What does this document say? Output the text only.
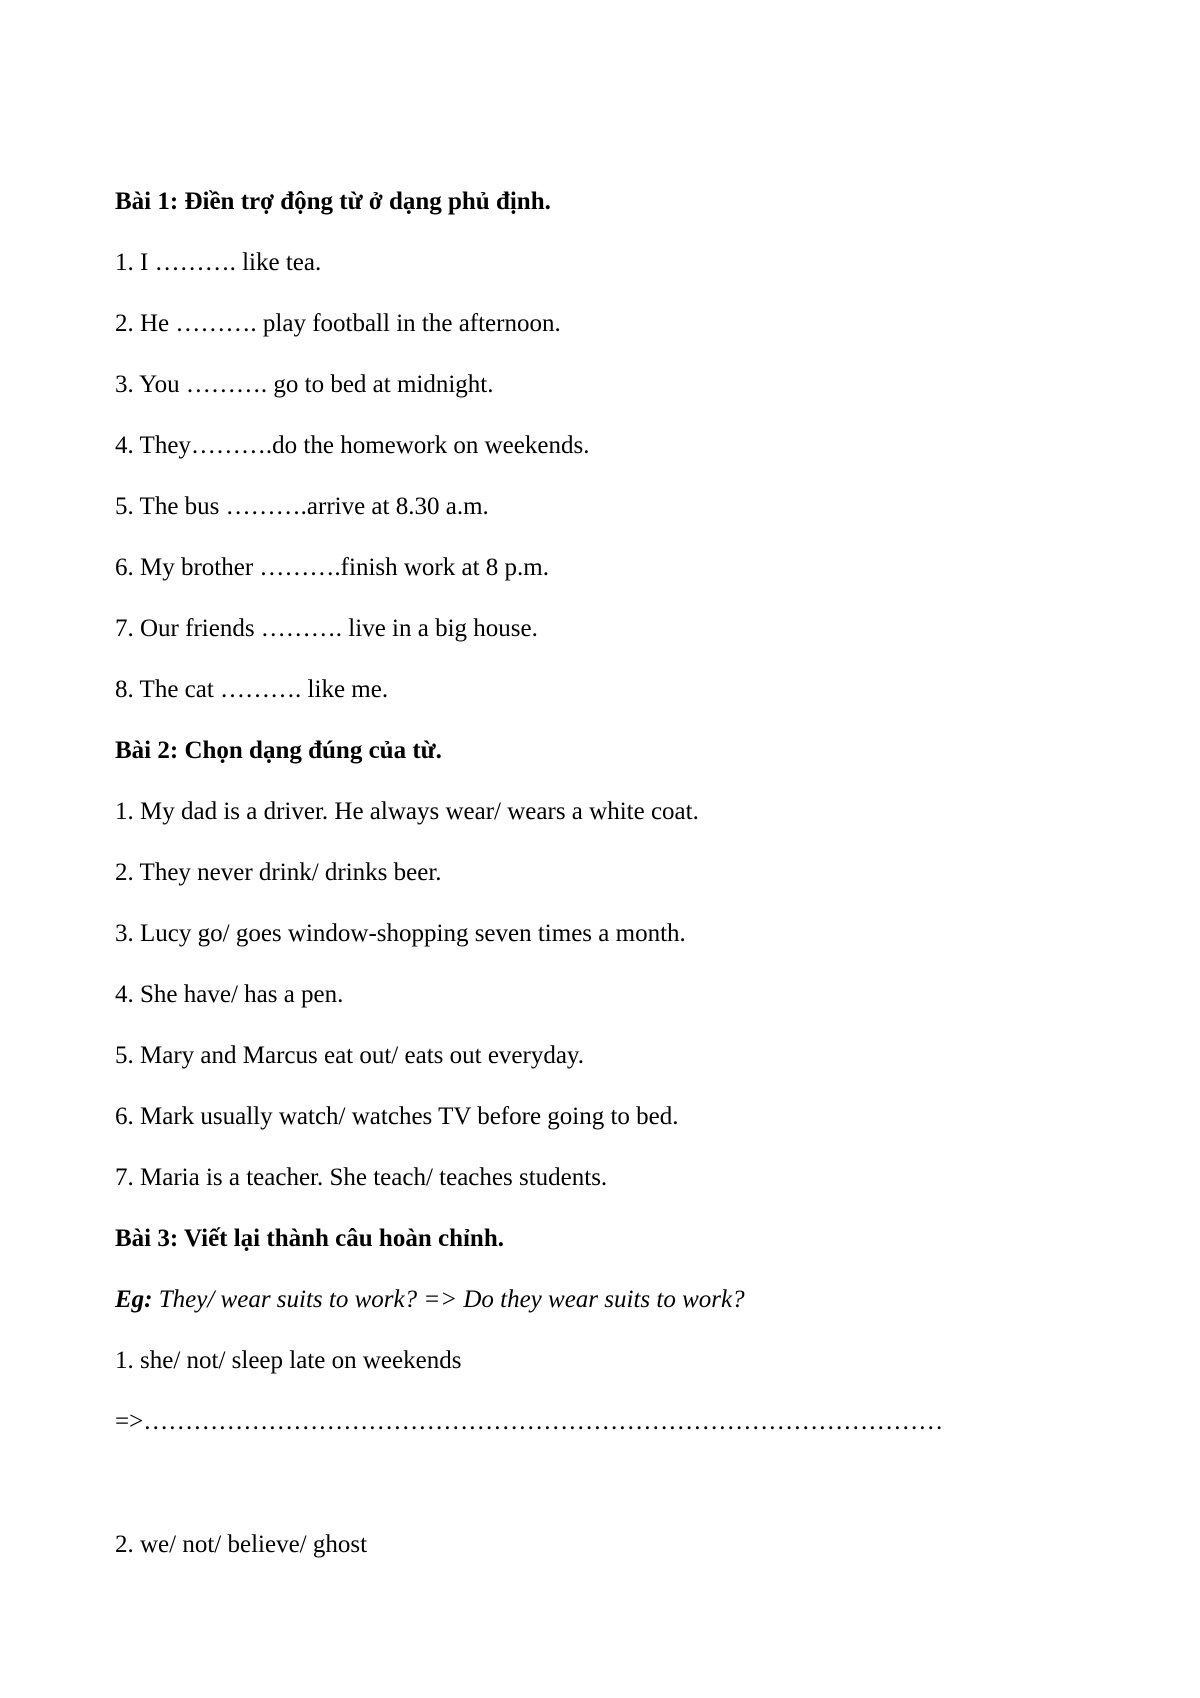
Bài 1: Điền trợ động từ ở dạng phủ định.
1. I ………. like tea.
2. He ………. play football in the afternoon.
3. You ………. go to bed at midnight.
4. They……….do the homework on weekends.
5. The bus ……….arrive at 8.30 a.m.
6. My brother ……….finish work at 8 p.m.
7. Our friends ………. live in a big house.
8. The cat ………. like me.
Bài 2: Chọn dạng đúng của từ.
1. My dad is a driver. He always wear/ wears a white coat.
2. They never drink/ drinks beer.
3. Lucy go/ goes window-shopping seven times a month.
4. She have/ has a pen.
5. Mary and Marcus eat out/ eats out everyday.
6. Mark usually watch/ watches TV before going to bed.
7. Maria is a teacher. She teach/ teaches students.
Bài 3: Viết lại thành câu hoàn chỉnh.
Eg: They/ wear suits to work? => Do they wear suits to work?
1. she/ not/ sleep late on weekends
=>……………………………………………………………………………………
2. we/ not/ believe/ ghost
